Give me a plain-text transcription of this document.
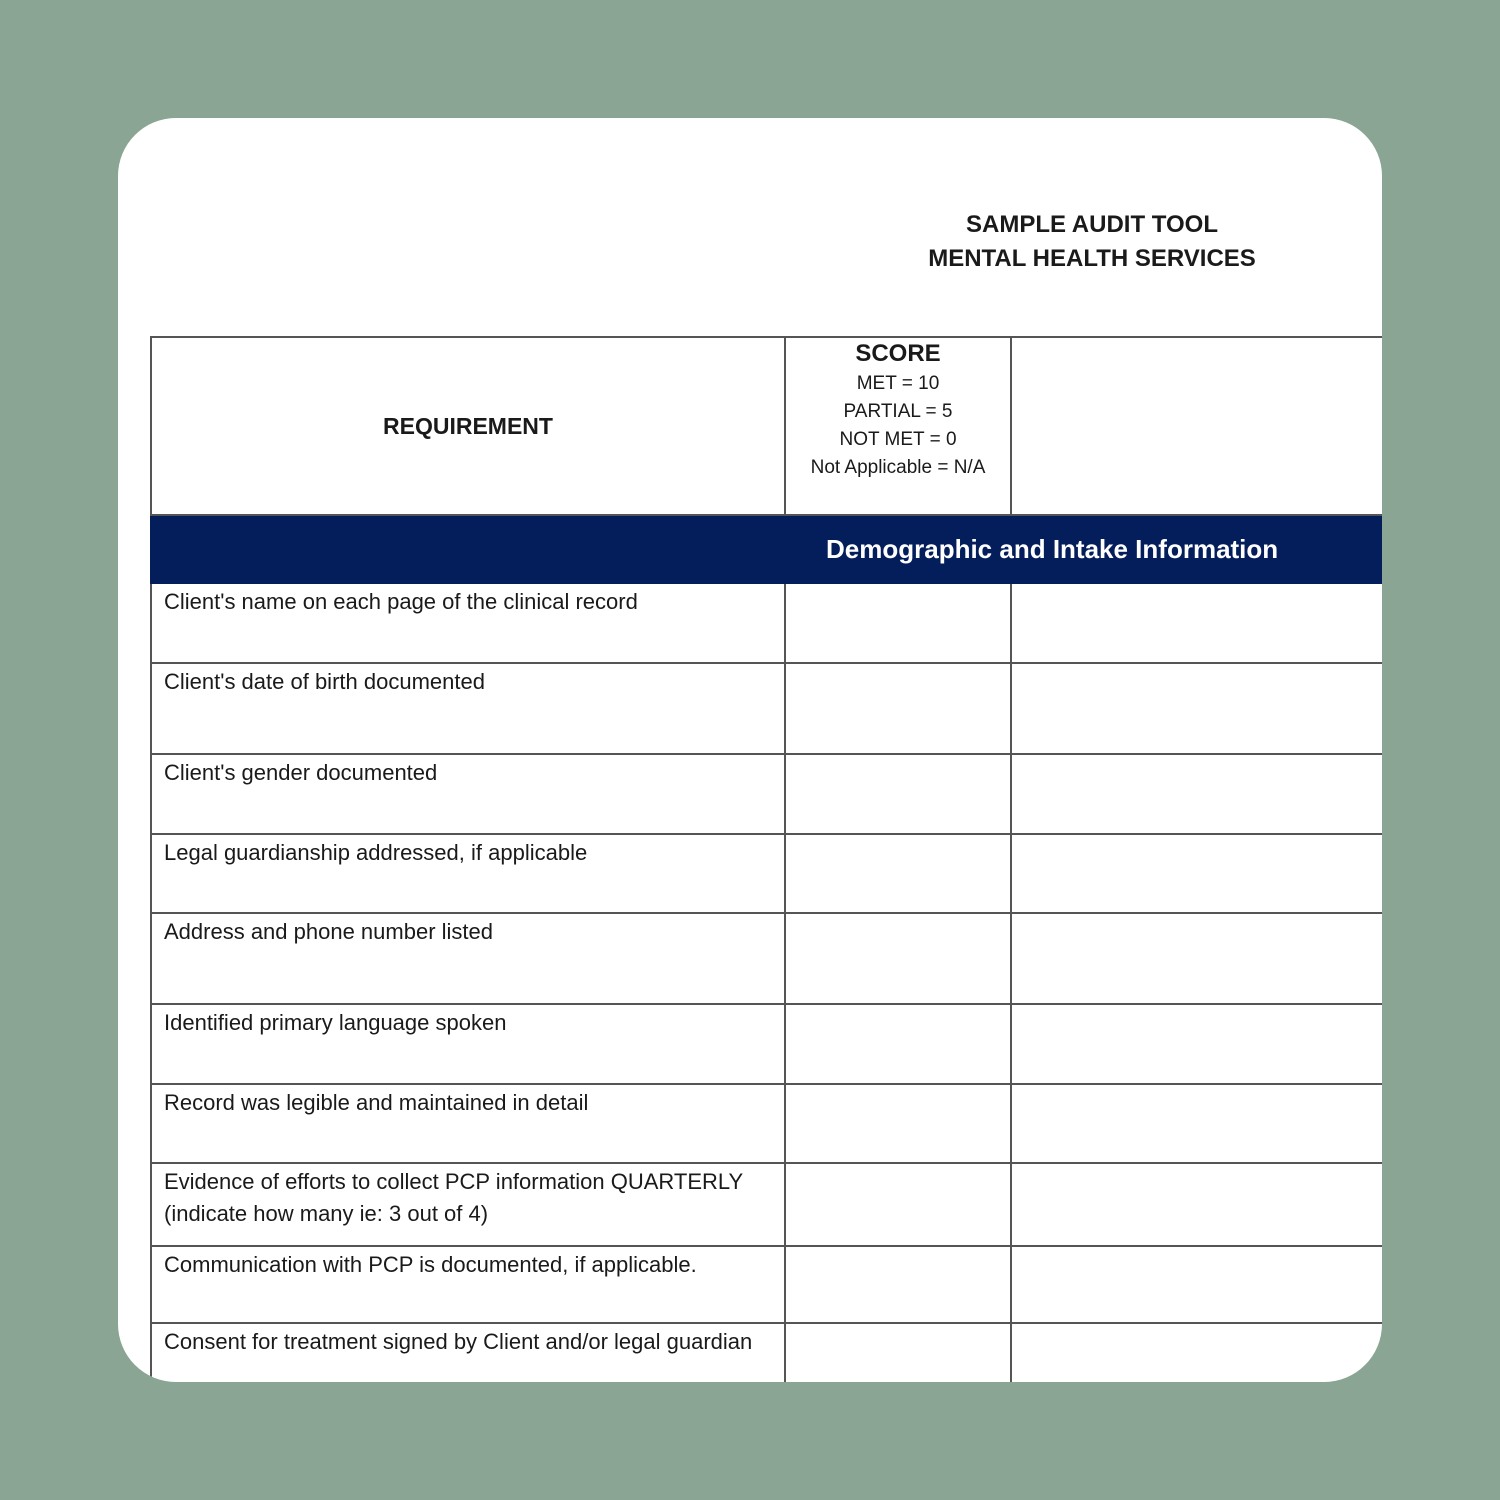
SAMPLE AUDIT TOOL
MENTAL HEALTH SERVICES
REQUIREMENT	SCORE
MET = 10
PARTIAL = 5
NOT MET = 0
Not Applicable = N/A	

Demographic and Intake Information		
Client's name on each page of the clinical record		
Client's date of birth documented		
Client's gender documented		
Legal guardianship addressed, if applicable		
Address and phone number listed		
Identified primary language spoken		
Record was legible and maintained in detail		
Evidence of efforts to collect PCP information QUARTERLY (indicate how many ie: 3 out of 4)		
Communication with PCP is documented, if applicable.		
Consent for treatment signed by Client and/or legal guardian		
